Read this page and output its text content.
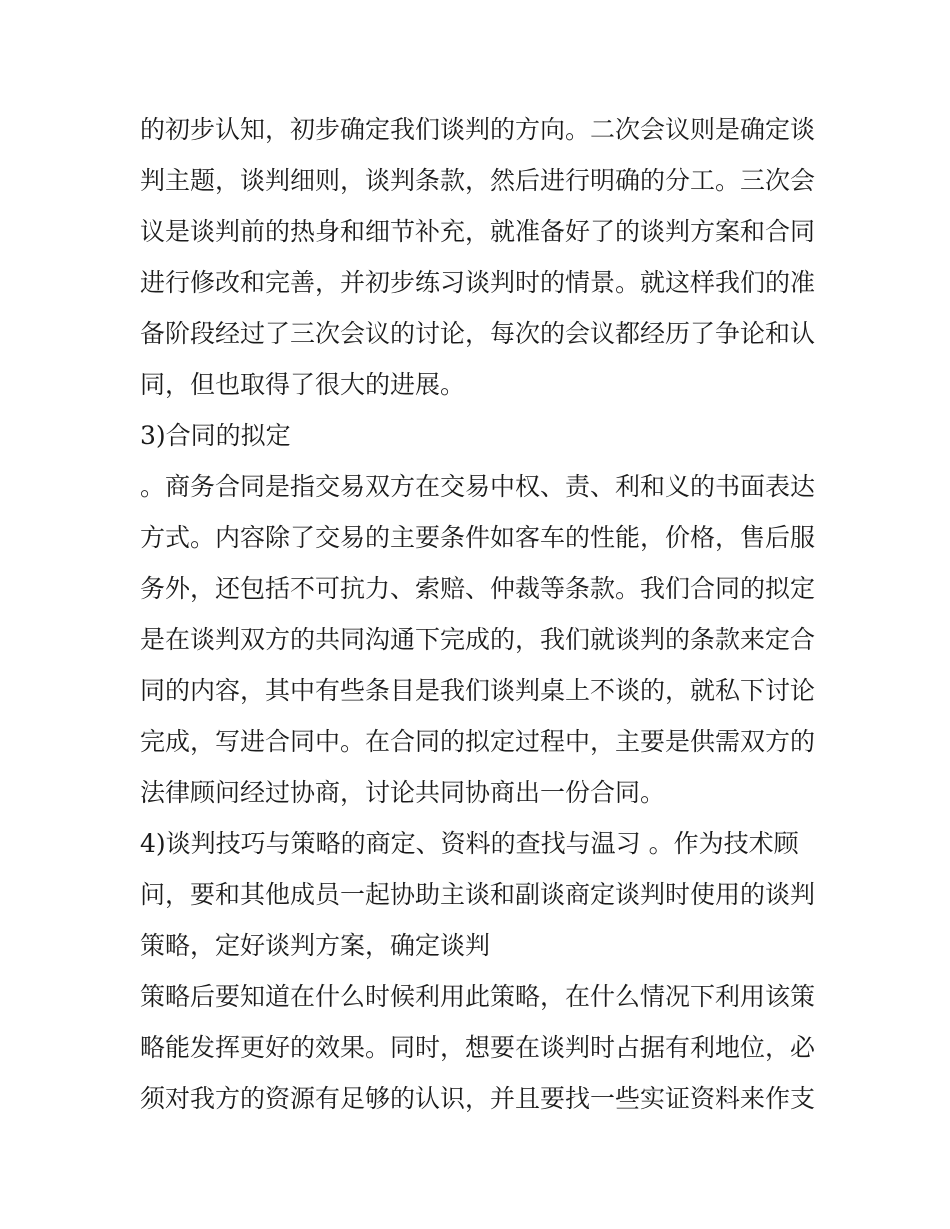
的初步认知，初步确定我们谈判的方向。二次会议则是确定谈
判主题，谈判细则，谈判条款，然后进行明确的分工。三次会
议是谈判前的热身和细节补充，就准备好了的谈判方案和合同
进行修改和完善，并初步练习谈判时的情景。就这样我们的准
备阶段经过了三次会议的讨论，每次的会议都经历了争论和认
同，但也取得了很大的进展。
3)合同的拟定
。商务合同是指交易双方在交易中权、责、利和义的书面表达
方式。内容除了交易的主要条件如客车的性能，价格，售后服
务外，还包括不可抗力、索赔、仲裁等条款。我们合同的拟定
是在谈判双方的共同沟通下完成的，我们就谈判的条款来定合
同的内容，其中有些条目是我们谈判桌上不谈的，就私下讨论
完成，写进合同中。在合同的拟定过程中，主要是供需双方的
法律顾问经过协商，讨论共同协商出一份合同。
4)谈判技巧与策略的商定、资料的查找与温习 。作为技术顾
问，要和其他成员一起协助主谈和副谈商定谈判时使用的谈判
策略，定好谈判方案，确定谈判
策略后要知道在什么时候利用此策略，在什么情况下利用该策
略能发挥更好的效果。同时，想要在谈判时占据有利地位，必
须对我方的资源有足够的认识，并且要找一些实证资料来作支
